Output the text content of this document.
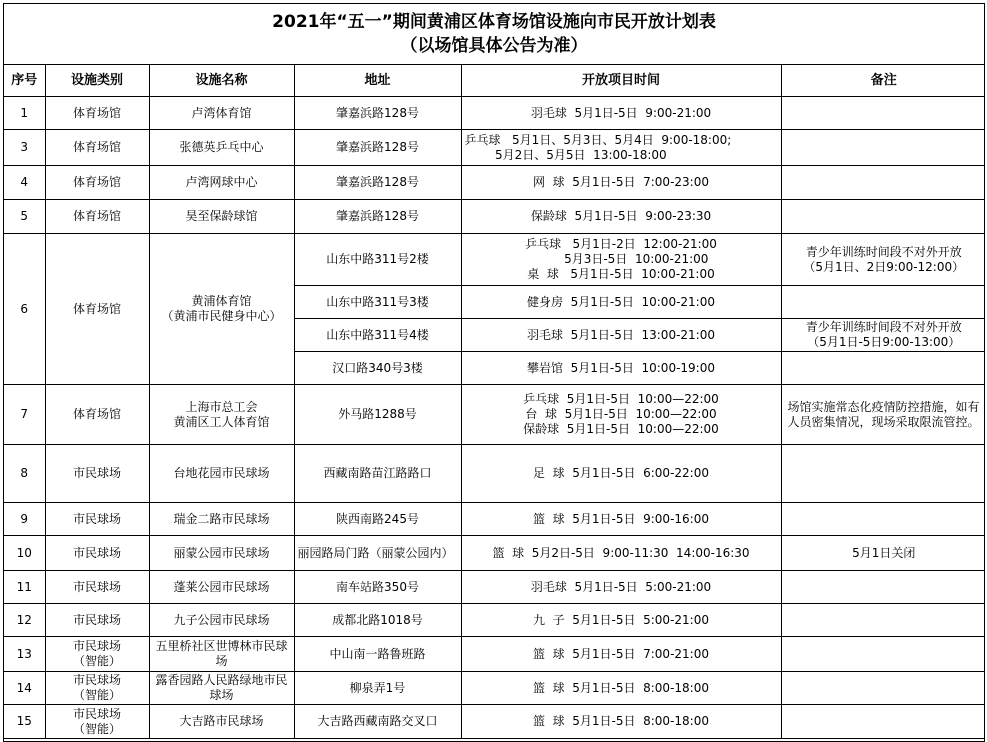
2021年“五一”期间黄浦区体育场馆设施向市民开放计划表
（以场馆具体公告为准）
序号	设施类别	设施名称	地址	开放项目时间	备注
1	体育场馆	卢湾体育馆	肇嘉浜路128号	羽毛球  5月1日-5日  9:00-21:00	
3	体育场馆	张德英乒乓中心	肇嘉浜路128号	乒乓球   5月1日、5月3日、5月4日  9:00-18:00;
5月2日、5月5日  13:00-18:00	
4	体育场馆	卢湾网球中心	肇嘉浜路128号	网  球  5月1日-5日  7:00-23:00	
5	体育场馆	昊至保龄球馆	肇嘉浜路128号	保龄球  5月1日-5日  9:00-23:30	
6	体育场馆	黄浦体育馆
（黄浦市民健身中心）	山东中路311号2楼	乒乓球   5月1日-2日  12:00-21:00
5月3日-5日  10:00-21:00
桌  球   5月1日-5日  10:00-21:00	青少年训练时间段不对外开放
（5月1日、2日9:00-12:00）
			山东中路311号3楼	健身房  5月1日-5日  10:00-21:00	
			山东中路311号4楼	羽毛球  5月1日-5日  13:00-21:00	青少年训练时间段不对外开放
（5月1日-5日9:00-13:00）
			汉口路340号3楼	攀岩馆  5月1日-5日  10:00-19:00	
7	体育场馆	上海市总工会
黄浦区工人体育馆	外马路1288号	乒乓球  5月1日-5日  10:00—22:00
台  球  5月1日-5日  10:00—22:00
保龄球  5月1日-5日  10:00—22:00	场馆实施常态化疫情防控措施，如有人员密集情况，现场采取限流管控。
8	市民球场	台地花园市民球场	西藏南路苗江路路口	足  球  5月1日-5日  6:00-22:00	
9	市民球场	瑞金二路市民球场	陕西南路245号	篮  球  5月1日-5日  9:00-16:00	
10	市民球场	丽蒙公园市民球场	丽园路局门路（丽蒙公园内）	篮  球  5月2日-5日  9:00-11:30  14:00-16:30	5月1日关闭
11	市民球场	蓬莱公园市民球场	南车站路350号	羽毛球  5月1日-5日  5:00-21:00	
12	市民球场	九子公园市民球场	成都北路1018号	九  子  5月1日-5日  5:00-21:00	
13	市民球场
（智能）	五里桥社区世博林市民球场	中山南一路鲁班路	篮  球  5月1日-5日  7:00-21:00	
14	市民球场
（智能）	露香园路人民路绿地市民球场	柳泉弄1号	篮  球  5月1日-5日  8:00-18:00	
15	市民球场
（智能）	大吉路市民球场	大吉路西藏南路交叉口	篮  球  5月1日-5日  8:00-18:00	
